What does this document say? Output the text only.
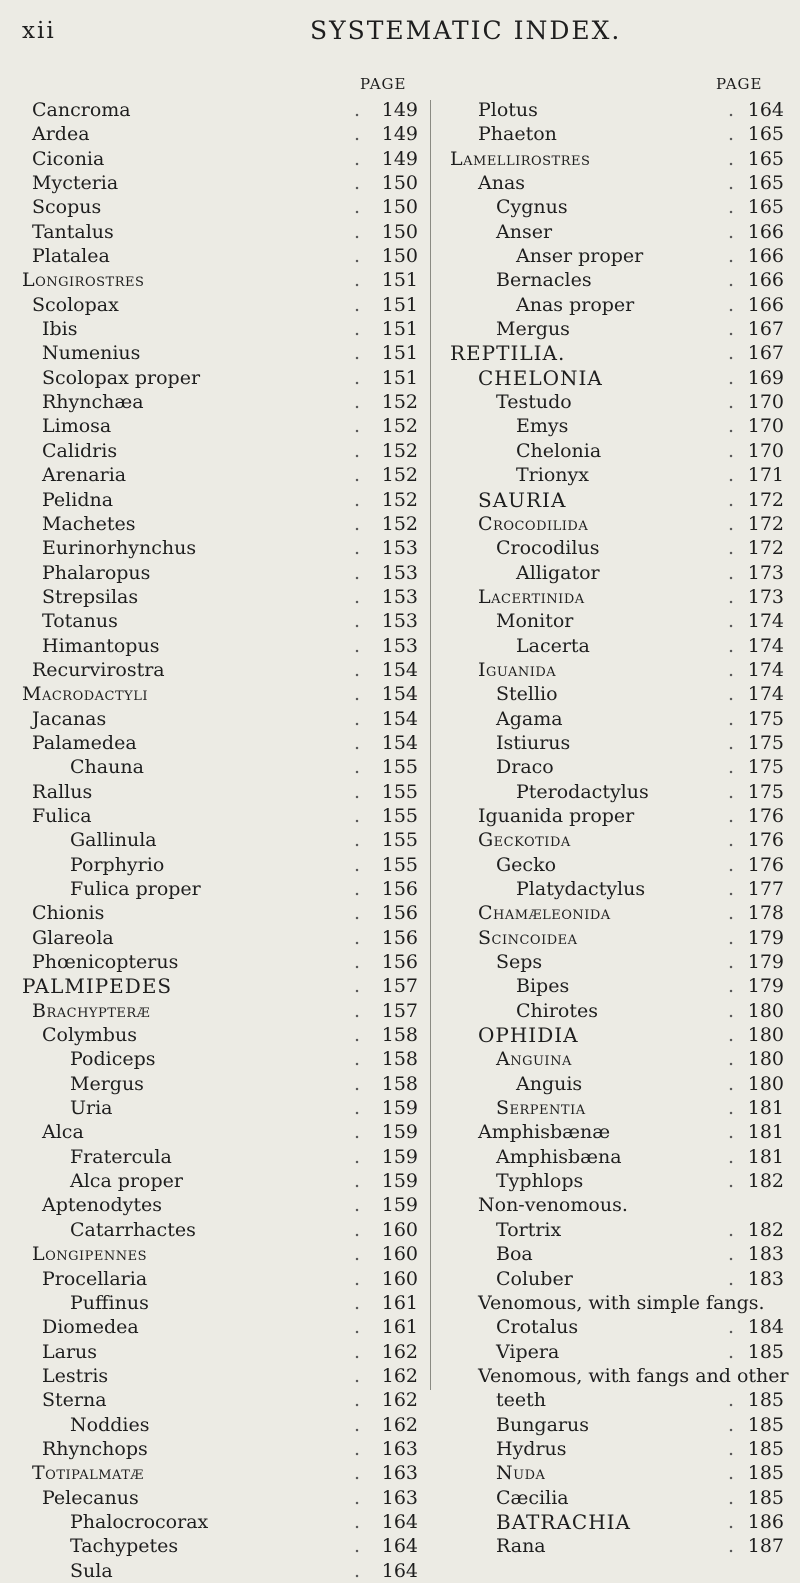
xii	SYSTEMATIC INDEX.
PAGE	PAGE
Cancroma	. 149
Ardea	. 149
Ciconia	. 149
Mycteria	. 150
Scopus	. 150
Tantalus	. 150
Platalea	. 150
Longirostres	. 151
Scolopax	. 151
Ibis	. 151
Numenius	. 151
Scolopax proper	. 151
Rhynchæa	. 152
Limosa	. 152
Calidris	. 152
Arenaria	. 152
Pelidna	. 152
Machetes	. 152
Eurinorhynchus	. 153
Phalaropus	. 153
Strepsilas	. 153
Totanus	. 153
Himantopus	. 153
Recurvirostra	. 154
Macrodactyli	. 154
Jacanas	. 154
Palamedea	. 154
Chauna	. 155
Rallus	. 155
Fulica	. 155
Gallinula	. 155
Porphyrio	. 155
Fulica proper	. 156
Chionis	. 156
Glareola	. 156
Phœnicopterus	. 156
PALMIPEDES	. 157
Brachypteræ	. 157
Colymbus	. 158
Podiceps	. 158
Mergus	. 158
Uria	. 159
Alca	. 159
Fratercula	. 159
Alca proper	. 159
Aptenodytes	. 159
Catarrhactes	. 160
Longipennes	. 160
Procellaria	. 160
Puffinus	. 161
Diomedea	. 161
Larus	. 162
Lestris	. 162
Sterna	. 162
Noddies	. 162
Rhynchops	. 163
Totipalmatæ	. 163
Pelecanus	. 163
Phalocrocorax	. 164
Tachypetes	. 164
Sula	. 164
Plotus	. 164
Phaeton	. 165
Lamellirostres	. 165
Anas	. 165
Cygnus	. 165
Anser	. 166
Anser proper	. 166
Bernacles	. 166
Anas proper	. 166
Mergus	. 167
REPTILIA.	. 167
CHELONIA	. 169
Testudo	. 170
Emys	. 170
Chelonia	. 170
Trionyx	. 171
SAURIA	. 172
Crocodilida	. 172
Crocodilus	. 172
Alligator	. 173
Lacertinida	. 173
Monitor	. 174
Lacerta	. 174
Iguanida	. 174
Stellio	. 174
Agama	. 175
Istiurus	. 175
Draco	. 175
Pterodactylus	. 175
Iguanida proper	. 176
Geckotida	. 176
Gecko	. 176
Platydactylus	. 177
Chamæleonida	. 178
Scincoidea	. 179
Seps	. 179
Bipes	. 179
Chirotes	. 180
OPHIDIA	. 180
Anguina	. 180
Anguis	. 180
Serpentia	. 181
Amphisbænæ	. 181
Amphisbæna	. 181
Typhlops	. 182
Non-venomous.
Tortrix	. 182
Boa	. 183
Coluber	. 183
Venomous, with simple fangs.
Crotalus	. 184
Vipera	. 185
Venomous, with fangs and other
teeth	. 185
Bungarus	. 185
Hydrus	. 185
Nuda	. 185
Cæcilia	. 185
BATRACHIA	. 186
Rana	. 187
